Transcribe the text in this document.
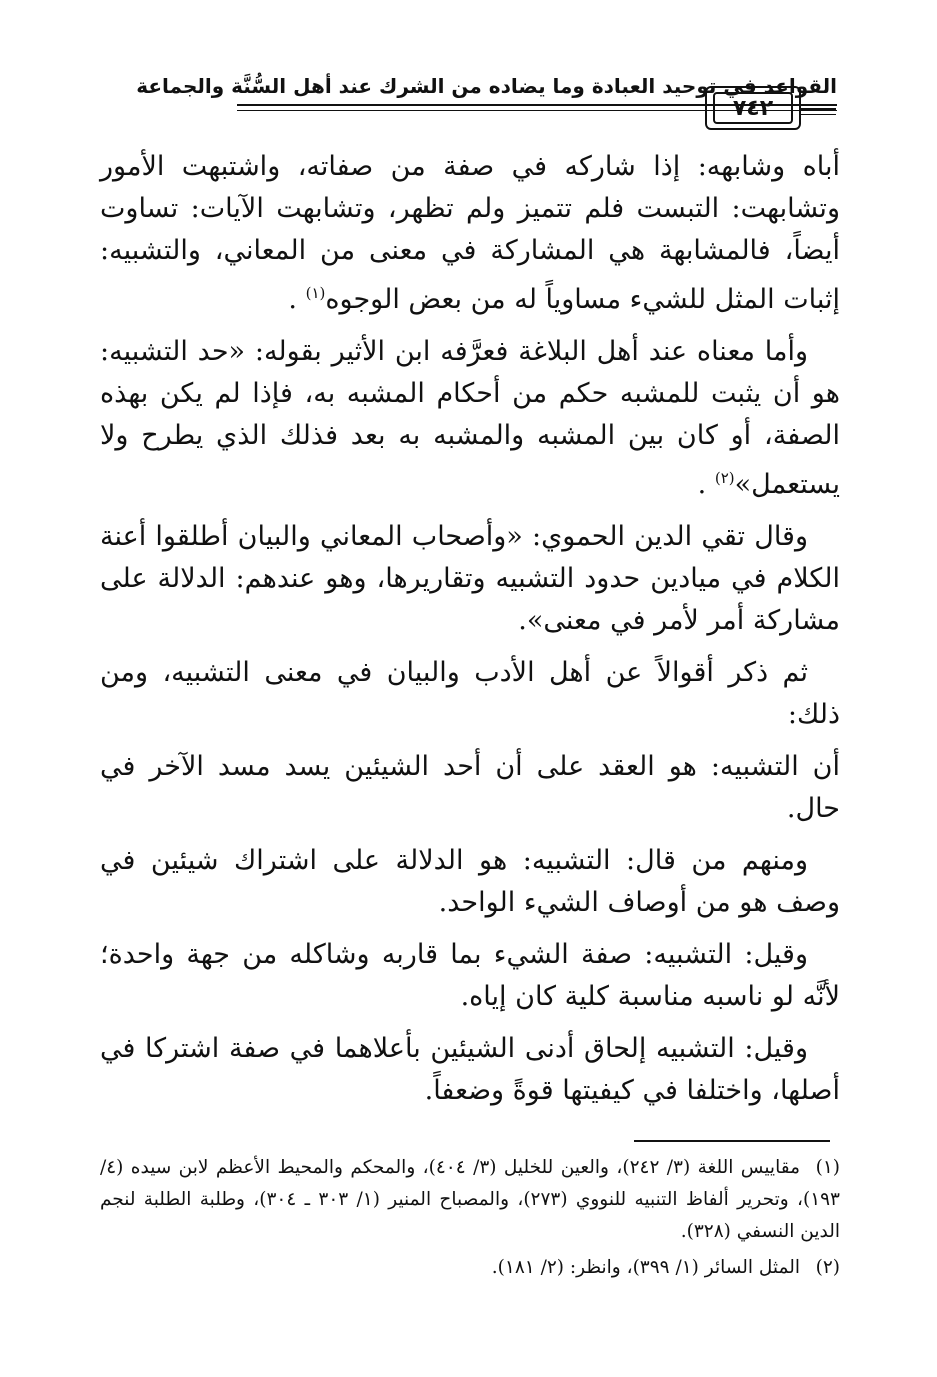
القواعد في توحيد العبادة وما يضاده من الشرك عند أهل السُّنَّة والجماعة
٧٤٢

أباه وشابهه: إذا شاركه في صفة من صفاته، واشتبهت الأمور وتشابهت: التبست فلم تتميز ولم تظهر، وتشابهت الآيات: تساوت أيضاً، فالمشابهة هي المشاركة في معنى من المعاني، والتشبيه: إثبات المثل للشيء مساوياً له من بعض الوجوه$^{(١)}$ .

وأما معناه عند أهل البلاغة فعرَّفه ابن الأثير بقوله: «حد التشبيه: هو أن يثبت للمشبه حكم من أحكام المشبه به، فإذا لم يكن بهذه الصفة، أو كان بين المشبه والمشبه به بعد فذلك الذي يطرح ولا يستعمل»$^{(٢)}$ .

وقال تقي الدين الحموي: «وأصحاب المعاني والبيان أطلقوا أعنة الكلام في ميادين حدود التشبيه وتقاريرها، وهو عندهم: الدلالة على مشاركة أمر لأمر في معنى».

ثم ذكر أقوالاً عن أهل الأدب والبيان في معنى التشبيه، ومن ذلك:

أن التشبيه: هو العقد على أن أحد الشيئين يسد مسد الآخر في حال.

ومنهم من قال: التشبيه: هو الدلالة على اشتراك شيئين في وصف هو من أوصاف الشيء الواحد.

وقيل: التشبيه: صفة الشيء بما قاربه وشاكله من جهة واحدة؛ لأنَّه لو ناسبه مناسبة كلية كان إياه.

وقيل: التشبيه إلحاق أدنى الشيئين بأعلاهما في صفة اشتركا في أصلها، واختلفا في كيفيتها قوةً وضعفاً.

(١)مقاييس اللغة (٣/ ٢٤٢)، والعين للخليل (٣/ ٤٠٤)، والمحكم والمحيط الأعظم لابن سيده (٤/ ١٩٣)، وتحرير ألفاظ التنبيه للنووي (٢٧٣)، والمصباح المنير (١/ ٣٠٣ ـ ٣٠٤)، وطلبة الطلبة لنجم الدين النسفي (٣٢٨).

(٢)المثل السائر (١/ ٣٩٩)، وانظر: (٢/ ١٨١).
